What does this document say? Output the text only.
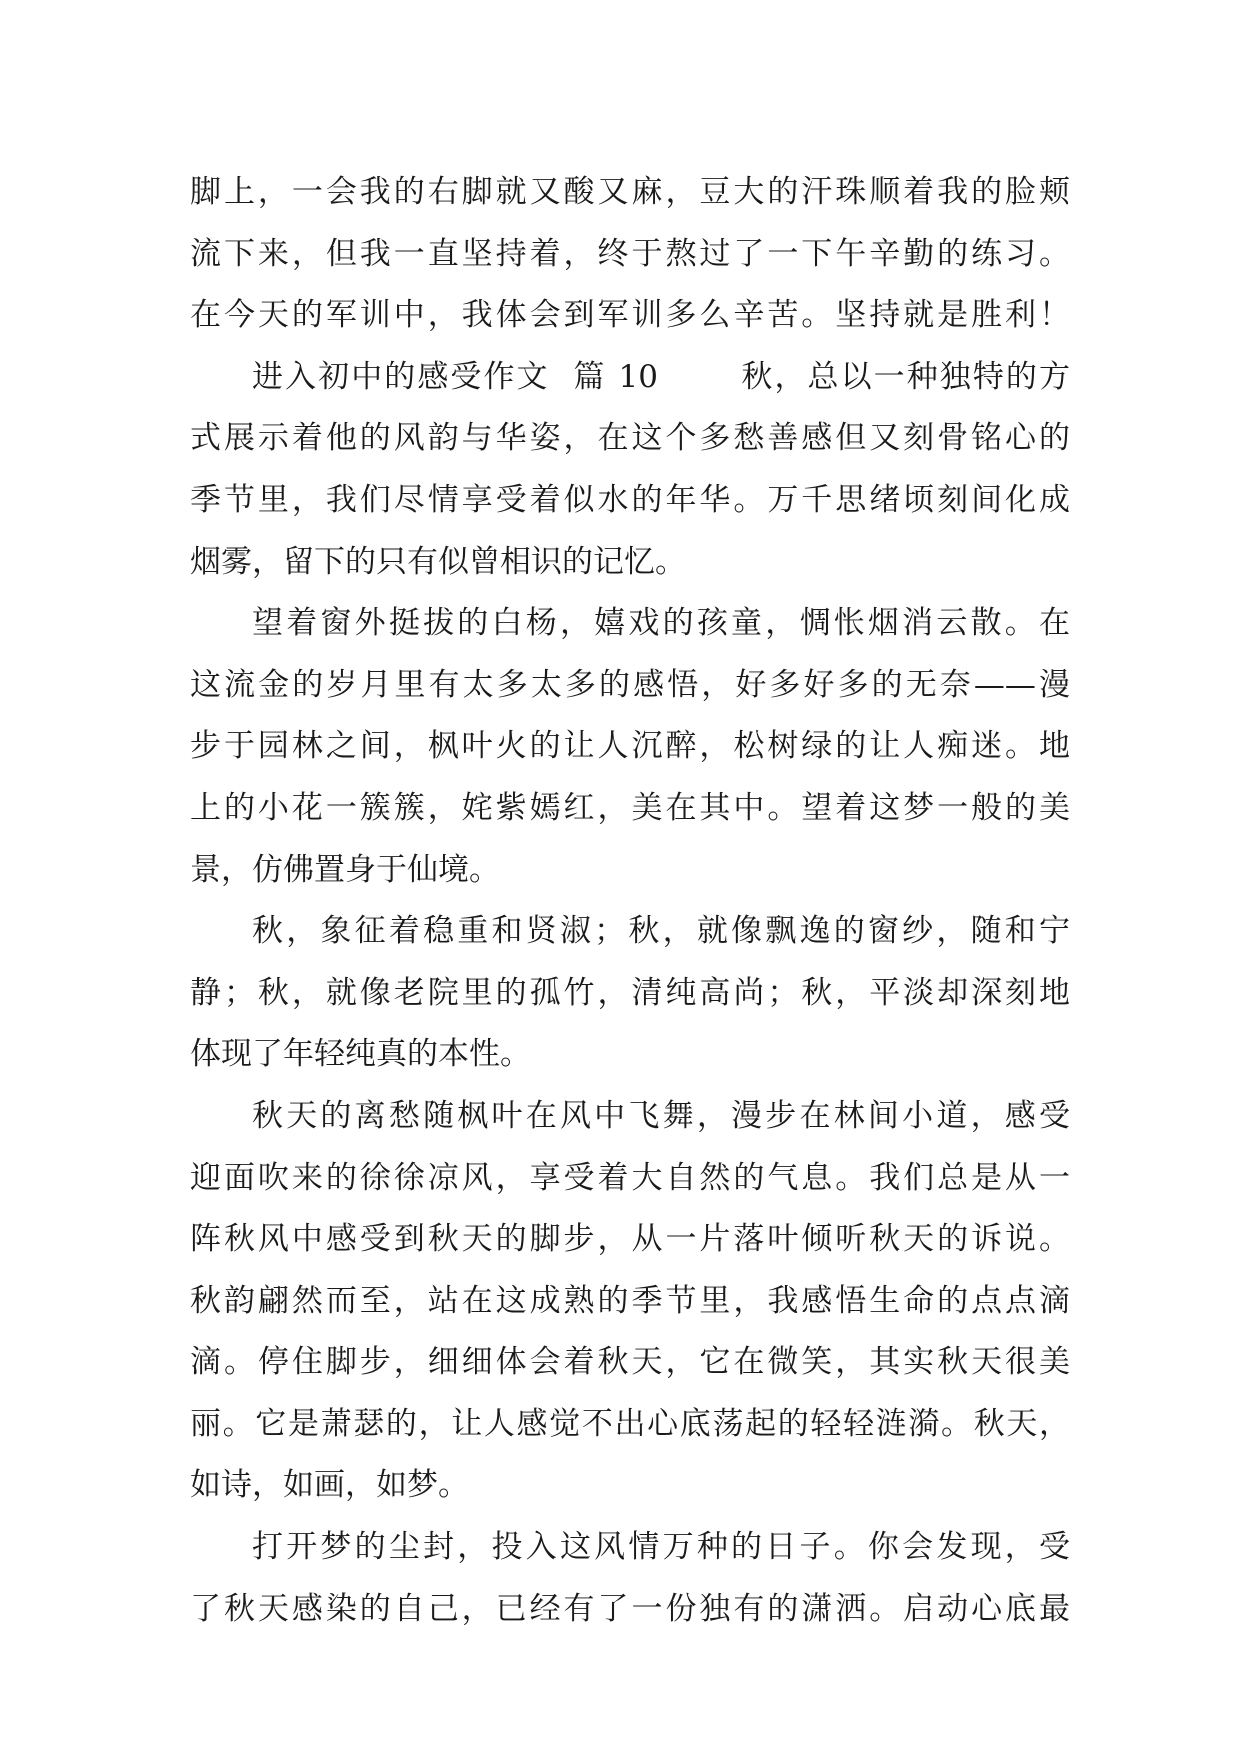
脚上，一会我的右脚就又酸又麻，豆大的汗珠顺着我的脸颊
流下来，但我一直坚持着，终于熬过了一下午辛勤的练习。
在今天的军训中，我体会到军训多么辛苦。坚持就是胜利！
进入初中的感受作文  篇 10       秋，总以一种独特的方
式展示着他的风韵与华姿，在这个多愁善感但又刻骨铭心的
季节里，我们尽情享受着似水的年华。万千思绪顷刻间化成
烟雾，留下的只有似曾相识的记忆。
望着窗外挺拔的白杨，嬉戏的孩童，惆怅烟消云散。在
这流金的岁月里有太多太多的感悟，好多好多的无奈——漫
步于园林之间，枫叶火的让人沉醉，松树绿的让人痴迷。地
上的小花一簇簇，姹紫嫣红，美在其中。望着这梦一般的美
景，仿佛置身于仙境。
秋，象征着稳重和贤淑；秋，就像飘逸的窗纱，随和宁
静；秋，就像老院里的孤竹，清纯高尚；秋，平淡却深刻地
体现了年轻纯真的本性。
秋天的离愁随枫叶在风中飞舞，漫步在林间小道，感受
迎面吹来的徐徐凉风，享受着大自然的气息。我们总是从一
阵秋风中感受到秋天的脚步，从一片落叶倾听秋天的诉说。
秋韵翩然而至，站在这成熟的季节里，我感悟生命的点点滴
滴。停住脚步，细细体会着秋天，它在微笑，其实秋天很美
丽。它是萧瑟的，让人感觉不出心底荡起的轻轻涟漪。秋天，
如诗，如画，如梦。
打开梦的尘封，投入这风情万种的日子。你会发现，受
了秋天感染的自己，已经有了一份独有的潇洒。启动心底最
